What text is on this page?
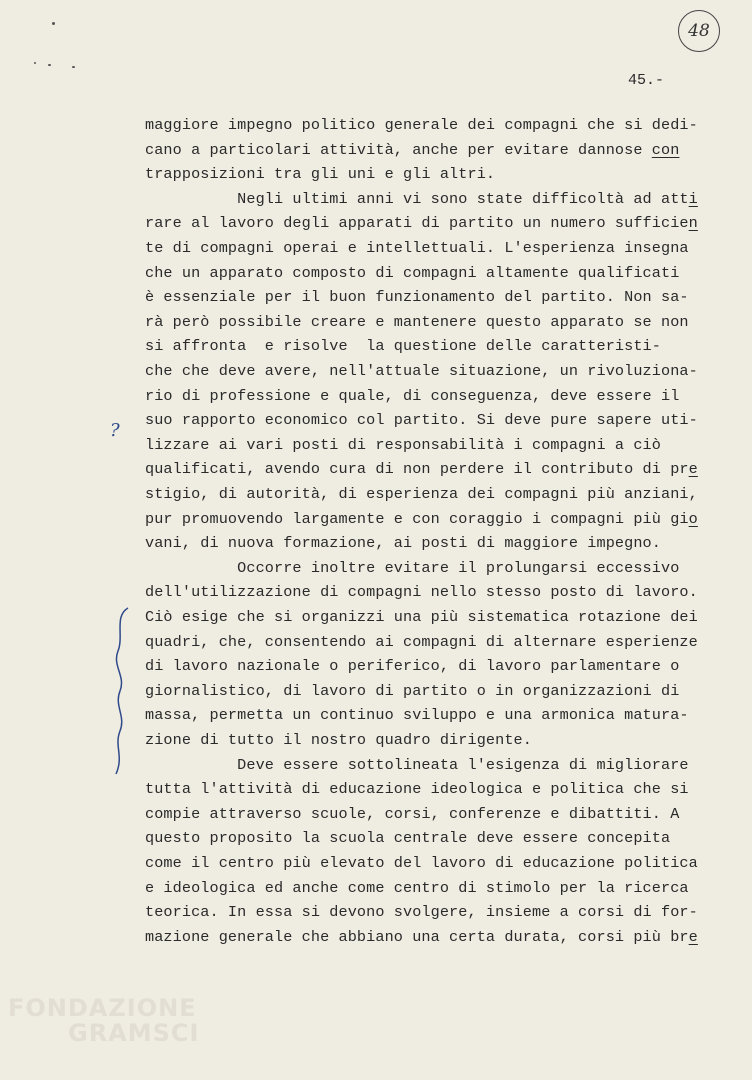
48
45.-
maggiore impegno politico generale dei compagni che si dedi-
cano a particolari attività, anche per evitare dannose con
trapposizioni tra gli uni e gli altri.
Negli ultimi anni vi sono state difficoltà ad atti
rare al lavoro degli apparati di partito un numero sufficien
te di compagni operai e intellettuali. L'esperienza insegna
che un apparato composto di compagni altamente qualificati
è essenziale per il buon funzionamento del partito. Non sa-
rà però possibile creare e mantenere questo apparato se non
si affronta  e risolve  la questione delle caratteristi-
che che deve avere, nell'attuale situazione, un rivoluziona-
rio di professione e quale, di conseguenza, deve essere il
suo rapporto economico col partito. Si deve pure sapere uti-
lizzare ai vari posti di responsabilità i compagni a ciò
qualificati, avendo cura di non perdere il contributo di pre
stigio, di autorità, di esperienza dei compagni più anziani,
pur promuovendo largamente e con coraggio i compagni più gio
vani, di nuova formazione, ai posti di maggiore impegno.
Occorre inoltre evitare il prolungarsi eccessivo
dell'utilizzazione di compagni nello stesso posto di lavoro.
Ciò esige che si organizzi una più sistematica rotazione dei
quadri, che, consentendo ai compagni di alternare esperienze
di lavoro nazionale o periferico, di lavoro parlamentare o
giornalistico, di lavoro di partito o in organizzazioni di
massa, permetta un continuo sviluppo e una armonica matura-
zione di tutto il nostro quadro dirigente.
Deve essere sottolineata l'esigenza di migliorare
tutta l'attività di educazione ideologica e politica che si
compie attraverso scuole, corsi, conferenze e dibattiti. A
questo proposito la scuola centrale deve essere concepita
come il centro più elevato del lavoro di educazione politica
e ideologica ed anche come centro di stimolo per la ricerca
teorica. In essa si devono svolgere, insieme a corsi di for-
mazione generale che abbiano una certa durata, corsi più bre
?
FONDAZIONE
GRAMSCI
